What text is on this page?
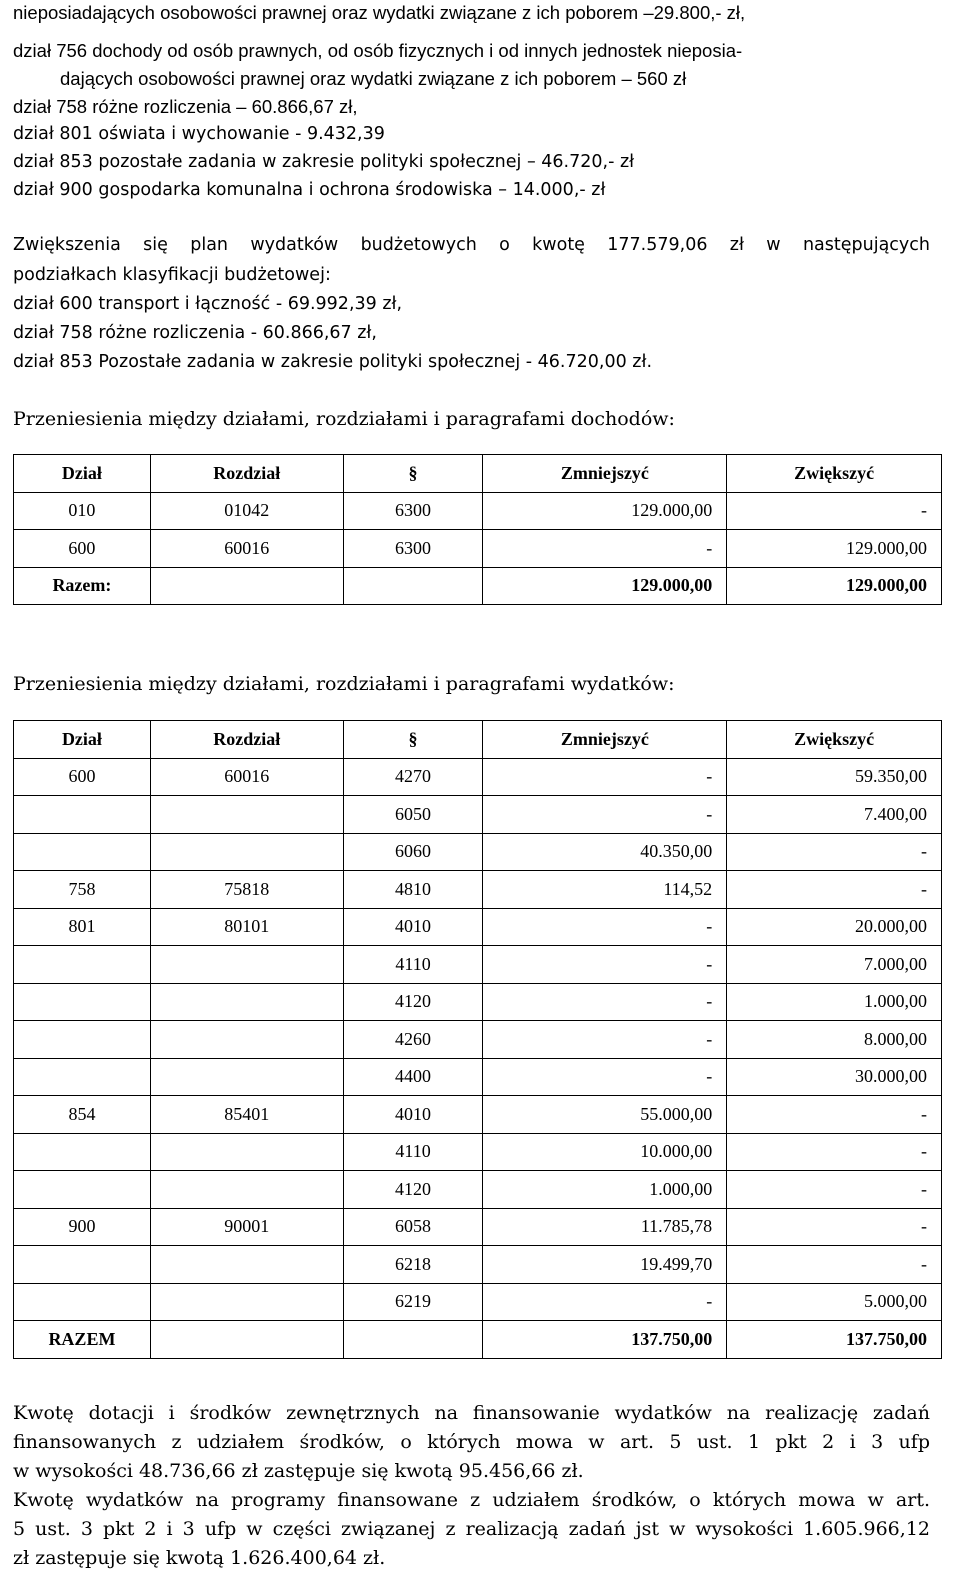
nieposiadających osobowości prawnej oraz wydatki związane z ich poborem –29.800,- zł,
dział 756 dochody od osób prawnych, od osób fizycznych i od innych jednostek nieposia-
dających osobowości prawnej oraz wydatki związane z ich poborem – 560 zł
dział 758 różne rozliczenia – 60.866,67 zł,
dział 801 oświata i wychowanie - 9.432,39
dział 853 pozostałe zadania w zakresie polityki społecznej – 46.720,- zł
dział 900 gospodarka komunalna i ochrona środowiska – 14.000,- zł
Zwiększenia się plan wydatków budżetowych o kwotę 177.579,06 zł w następujących
podziałkach klasyfikacji budżetowej:
dział 600 transport i łączność - 69.992,39 zł,
dział 758 różne rozliczenia - 60.866,67 zł,
dział 853 Pozostałe zadania w zakresie polityki społecznej - 46.720,00 zł.
Przeniesienia między działami, rozdziałami i paragrafami dochodów:
Dział	Rozdział	§	Zmniejszyć	Zwiększyć
010	01042	6300	129.000,00	-
600	60016	6300	-	129.000,00
Razem:			129.000,00	129.000,00
Przeniesienia między działami, rozdziałami i paragrafami wydatków:
Dział	Rozdział	§	Zmniejszyć	Zwiększyć
600	60016	4270	-	59.350,00
		6050	-	7.400,00
		6060	40.350,00	-
758	75818	4810	114,52	-
801	80101	4010	-	20.000,00
		4110	-	7.000,00
		4120	-	1.000,00
		4260	-	8.000,00
		4400	-	30.000,00
854	85401	4010	55.000,00	-
		4110	10.000,00	-
		4120	1.000,00	-
900	90001	6058	11.785,78	-
		6218	19.499,70	-
		6219	-	5.000,00
RAZEM			137.750,00	137.750,00
Kwotę dotacji i środków zewnętrznych na finansowanie wydatków na realizację zadań
finansowanych z udziałem środków, o których mowa w art. 5 ust. 1 pkt 2 i 3 ufp
w wysokości 48.736,66 zł zastępuje się kwotą 95.456,66 zł.
Kwotę wydatków na programy finansowane z udziałem środków, o których mowa w art.
5 ust. 3 pkt 2 i 3 ufp w części związanej z realizacją zadań jst w wysokości 1.605.966,12
zł zastępuje się kwotą 1.626.400,64 zł.
